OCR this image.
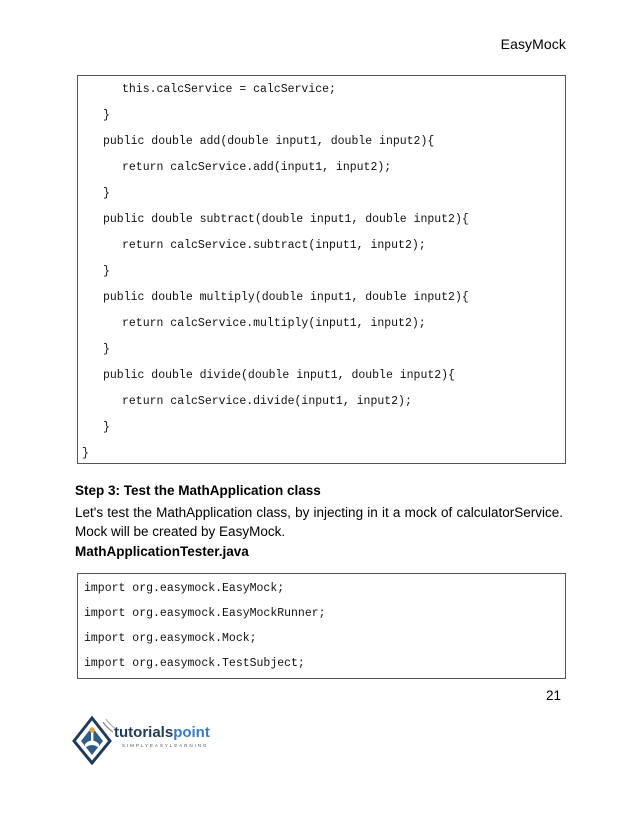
EasyMock
this.calcService = calcService;
}
public double add(double input1, double input2){
return calcService.add(input1, input2);
}
public double subtract(double input1, double input2){
return calcService.subtract(input1, input2);
}
public double multiply(double input1, double input2){
return calcService.multiply(input1, input2);
}
public double divide(double input1, double input2){
return calcService.divide(input1, input2);
}
}
Step 3: Test the MathApplication class
Let's test the MathApplication class, by injecting in it a mock of calculatorService. Mock will be created by EasyMock.
MathApplicationTester.java
import org.easymock.EasyMock;
import org.easymock.EasyMockRunner;
import org.easymock.Mock;
import org.easymock.TestSubject;
21
tutorialspoint
SIMPLYEASYLEARNING
